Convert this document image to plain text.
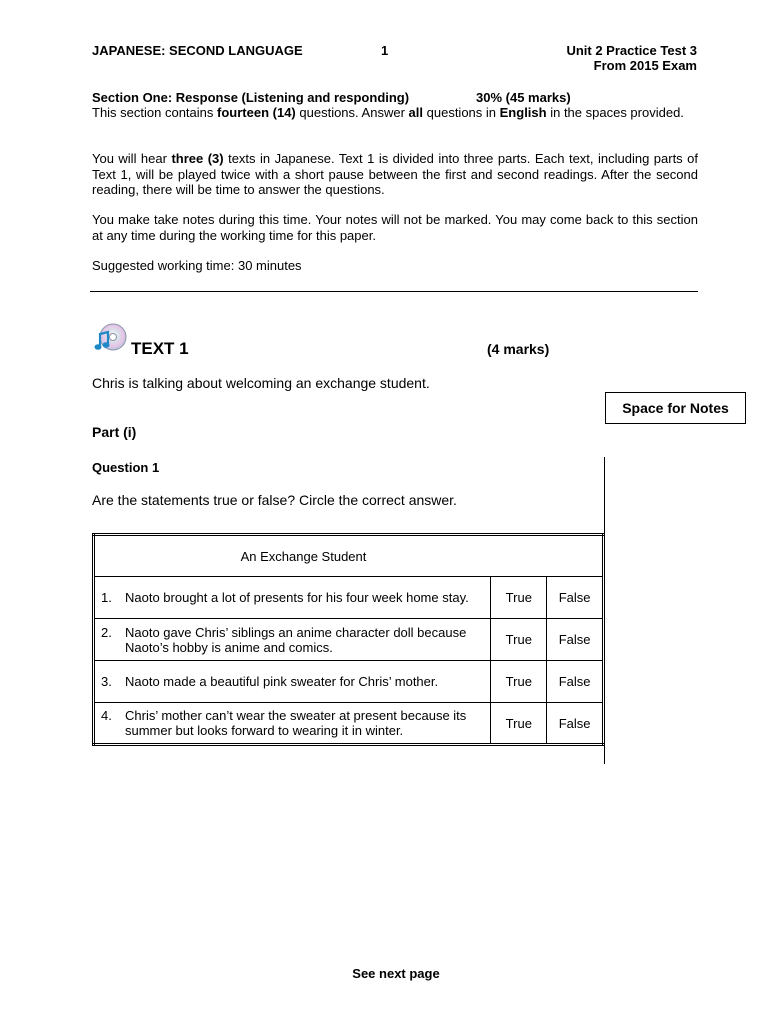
JAPANESE: SECOND LANGUAGE	1	Unit 2 Practice Test 3
From 2015 Exam
Section One: Response (Listening and responding)	30% (45 marks)
This section contains fourteen (14) questions. Answer all questions in English in the spaces provided.
You will hear three (3) texts in Japanese. Text 1 is divided into three parts. Each text, including parts of Text 1, will be played twice with a short pause between the first and second readings. After the second reading, there will be time to answer the questions.
You make take notes during this time. Your notes will not be marked. You may come back to this section at any time during the working time for this paper.
Suggested working time: 30 minutes
TEXT 1	(4 marks)
Chris is talking about welcoming an exchange student.
Space for Notes
Part (i)
Question 1
Are the statements true or false? Circle the correct answer.
An Exchange Student		

1. Naoto brought a lot of presents for his four week home stay.	True	False

2. Naoto gave Chris’ siblings an anime character doll because Naoto’s hobby is anime and comics.	True	False

3. Naoto made a beautiful pink sweater for Chris’ mother.	True	False

4. Chris’ mother can’t wear the sweater at present because its summer but looks forward to wearing it in winter.	True	False
See next page
